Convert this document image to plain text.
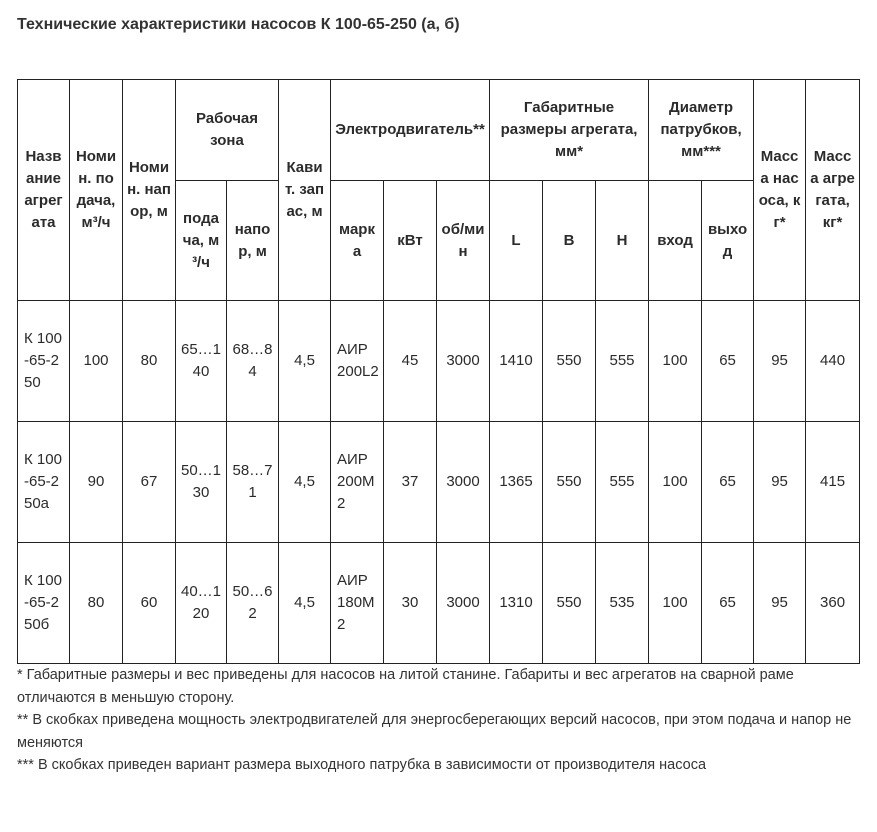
Технические характеристики насосов К 100-65-250 (а, б)
Название агрегата	Номин. подача, м³/ч	Номин. напор, м	Рабочая зона		Кавит. запас, м	Электродвигатель**			Габаритные размеры агрегата, мм*			Диаметр патрубков, мм***		Масса насоса, кг*	Масса агрегата, кг*

			подача, м³/ч	напор, м		марка	кВт	об/мин	L	B	H	вход	выход		

К 100-65-250	100	80	65…140	68…84	4,5	АИР 200L2	45	3000	1410	550	555	100	65	95	440

К 100-65-250а	90	67	50…130	58…71	4,5	АИР 200М2	37	3000	1365	550	555	100	65	95	415

К 100-65-250б	80	60	40…120	50…62	4,5	АИР 180М2	30	3000	1310	550	535	100	65	95	360

* Габаритные размеры и вес приведены для насосов на литой станине. Габариты и вес агрегатов на сварной раме отличаются в меньшую сторону.

** В скобках приведена мощность электродвигателей для энергосберегающих версий насосов, при этом подача и напор не меняются

*** В скобках приведен вариант размера выходного патрубка в зависимости от производителя насоса
